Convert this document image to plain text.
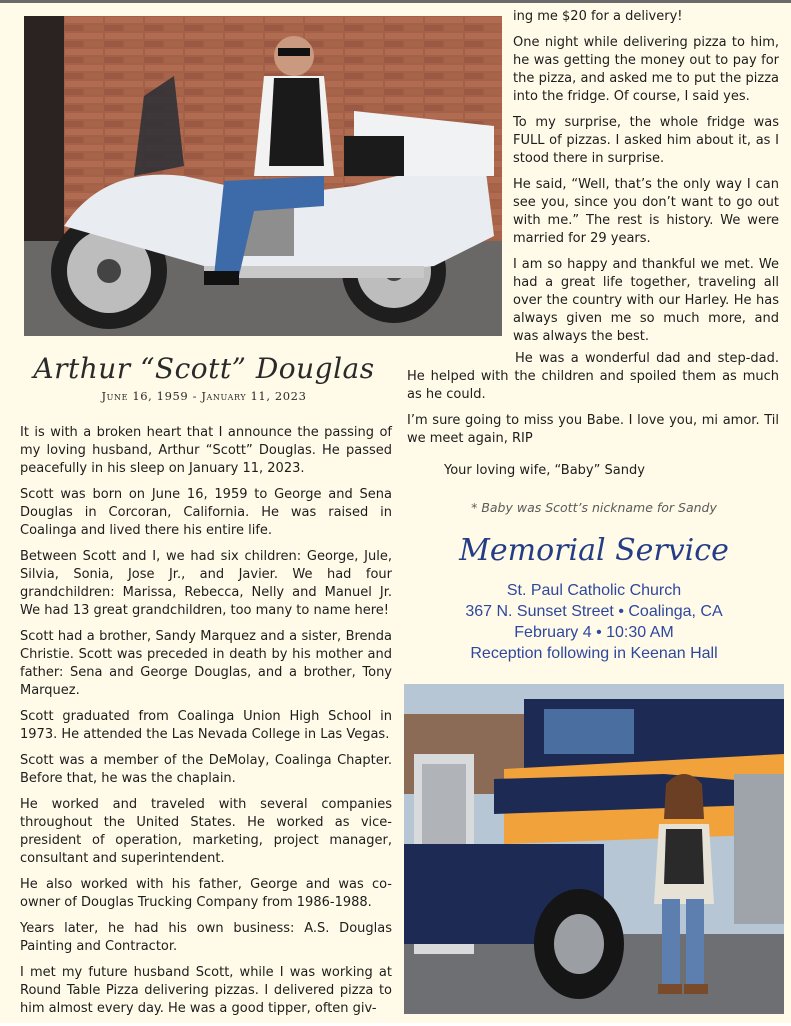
Arthur “Scott” Douglas
June 16, 1959 - January 11, 2023

It is with a broken heart that I announce the passing of my loving husband, Arthur “Scott” Douglas. He passed peacefully in his sleep on January 11, 2023.

Scott was born on June 16, 1959 to George and Sena Douglas in Corcoran, California. He was raised in Coalinga and lived there his entire life.

Between Scott and I, we had six children: George, Jule, Silvia, Sonia, Jose Jr., and Javier. We had four grandchildren: Marissa, Rebecca, Nelly and Manuel Jr. We had 13 great grandchildren, too many to name here!

Scott had a brother, Sandy Marquez and a sister, Brenda Christie. Scott was preceded in death by his mother and father: Sena and George Douglas, and a brother, Tony Marquez.

Scott graduated from Coalinga Union High School in 1973. He attended the Las Nevada College in Las Vegas.

Scott was a member of the DeMolay, Coalinga Chapter. Before that, he was the chaplain.

He worked and traveled with several companies throughout the United States. He worked as vice-president of operation, marketing, project manager, consultant and superintendent.

He also worked with his father, George and was co-owner of Douglas Trucking Company from 1986-1988.

Years later, he had his own business: A.S. Douglas Painting and Contractor.

I met my future husband Scott, while I was working at Round Table Pizza delivering pizzas. I delivered pizza to him almost every day. He was a good tipper, often giv-

ing me $20 for a delivery!

One night while delivering pizza to him, he was getting the money out to pay for the pizza, and asked me to put the pizza into the fridge. Of course, I said yes.

To my surprise, the whole fridge was FULL of pizzas. I asked him about it, as I stood there in surprise.

He said, “Well, that’s the only way I can see you, since you don’t want to go out with me.” The rest is history. We were married for 29 years.

I am so happy and thankful we met. We had a great life together, traveling all over the country with our Harley. He has always given me so much more, and was always the best.

He was a wonderful dad and step-dad. He helped with the children and spoiled them as much as he could.

I’m sure going to miss you Babe. I love you, mi amor. Til we meet again, RIP

Your loving wife, “Baby” Sandy
* Baby was Scott’s nickname for Sandy
Memorial Service
St. Paul Catholic Church
367 N. Sunset Street • Coalinga, CA
February 4 • 10:30 AM
Reception following in Keenan Hall
